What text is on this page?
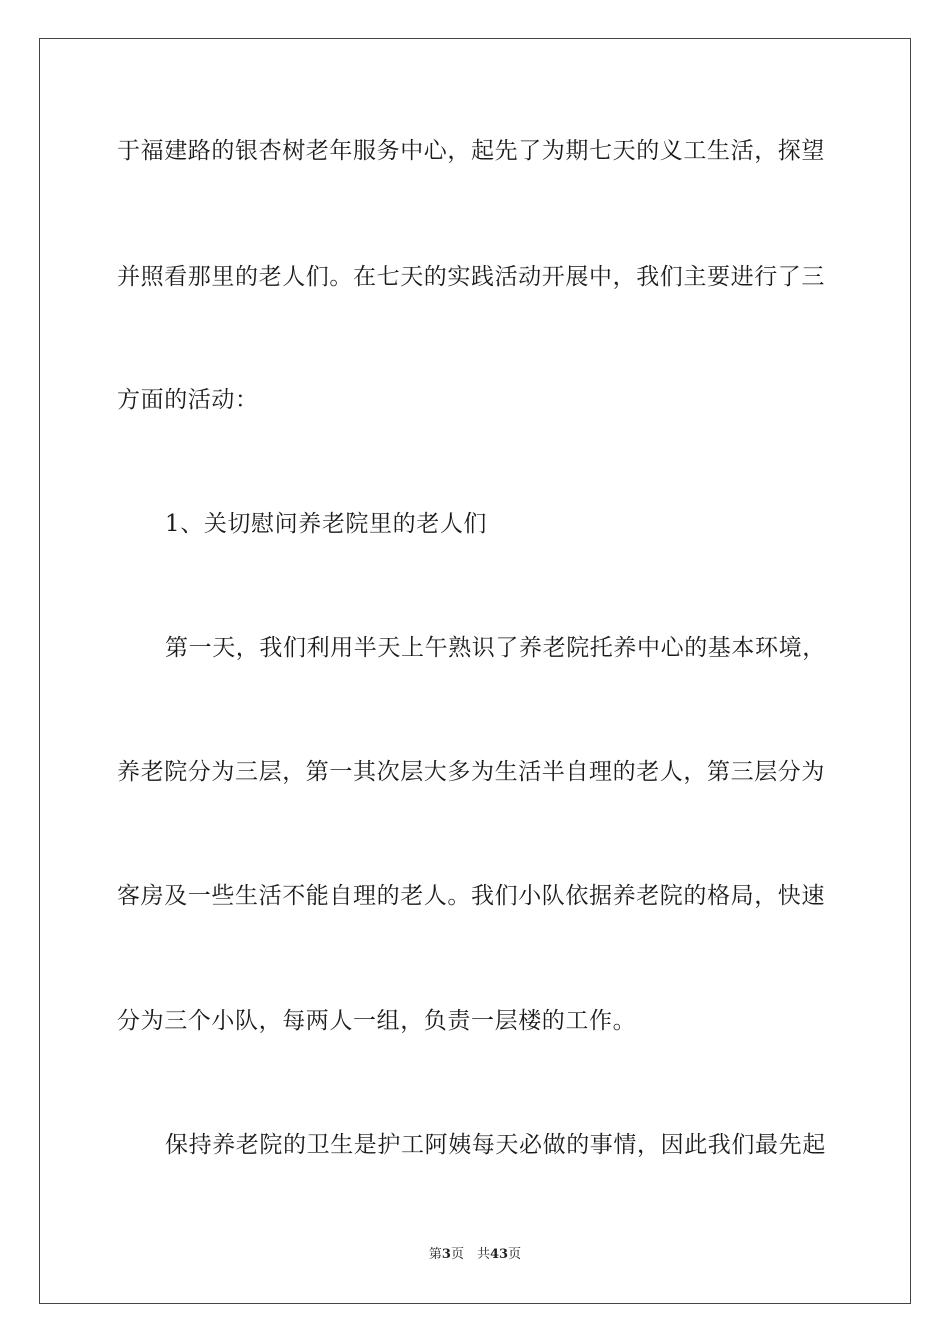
于福建路的银杏树老年服务中心，起先了为期七天的义工生活，探望
并照看那里的老人们。在七天的实践活动开展中，我们主要进行了三
方面的活动：
1、关切慰问养老院里的老人们
第一天，我们利用半天上午熟识了养老院托养中心的基本环境，
养老院分为三层，第一其次层大多为生活半自理的老人，第三层分为
客房及一些生活不能自理的老人。我们小队依据养老院的格局，快速
分为三个小队，每两人一组，负责一层楼的工作。
保持养老院的卫生是护工阿姨每天必做的事情，因此我们最先起
第3页　共43页
